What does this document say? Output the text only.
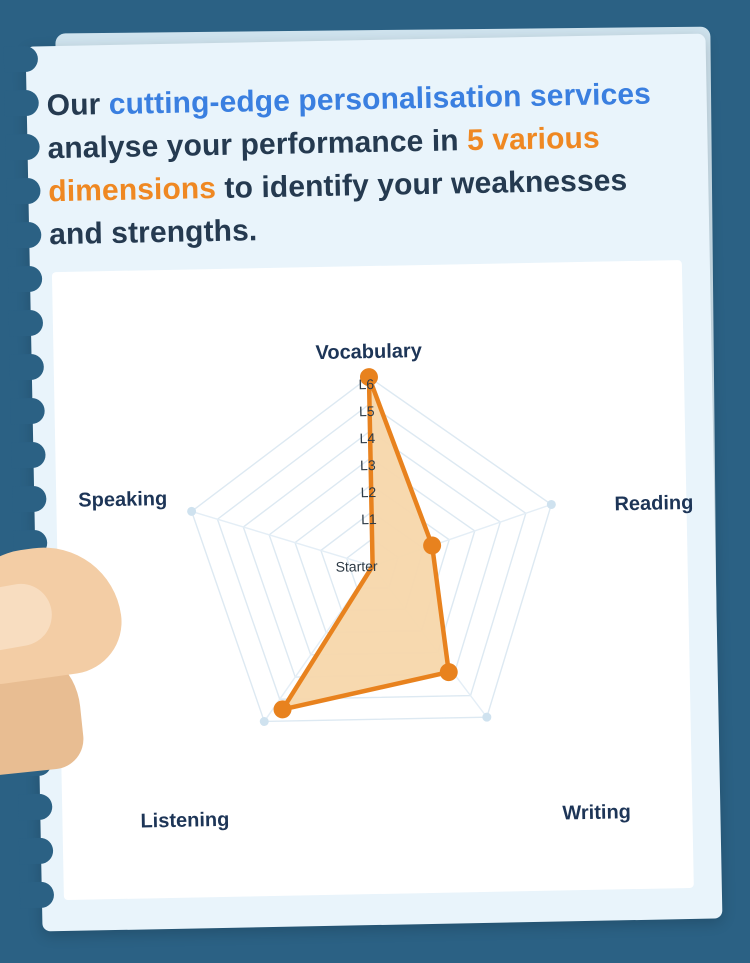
Our cutting-edge personalisation services analyse your performance in 5 various dimensions to identify your weaknesses and strengths.
L6
L5
L4
L3
L2
L1
Starter
Vocabulary
Reading
Writing
Listening
Speaking
